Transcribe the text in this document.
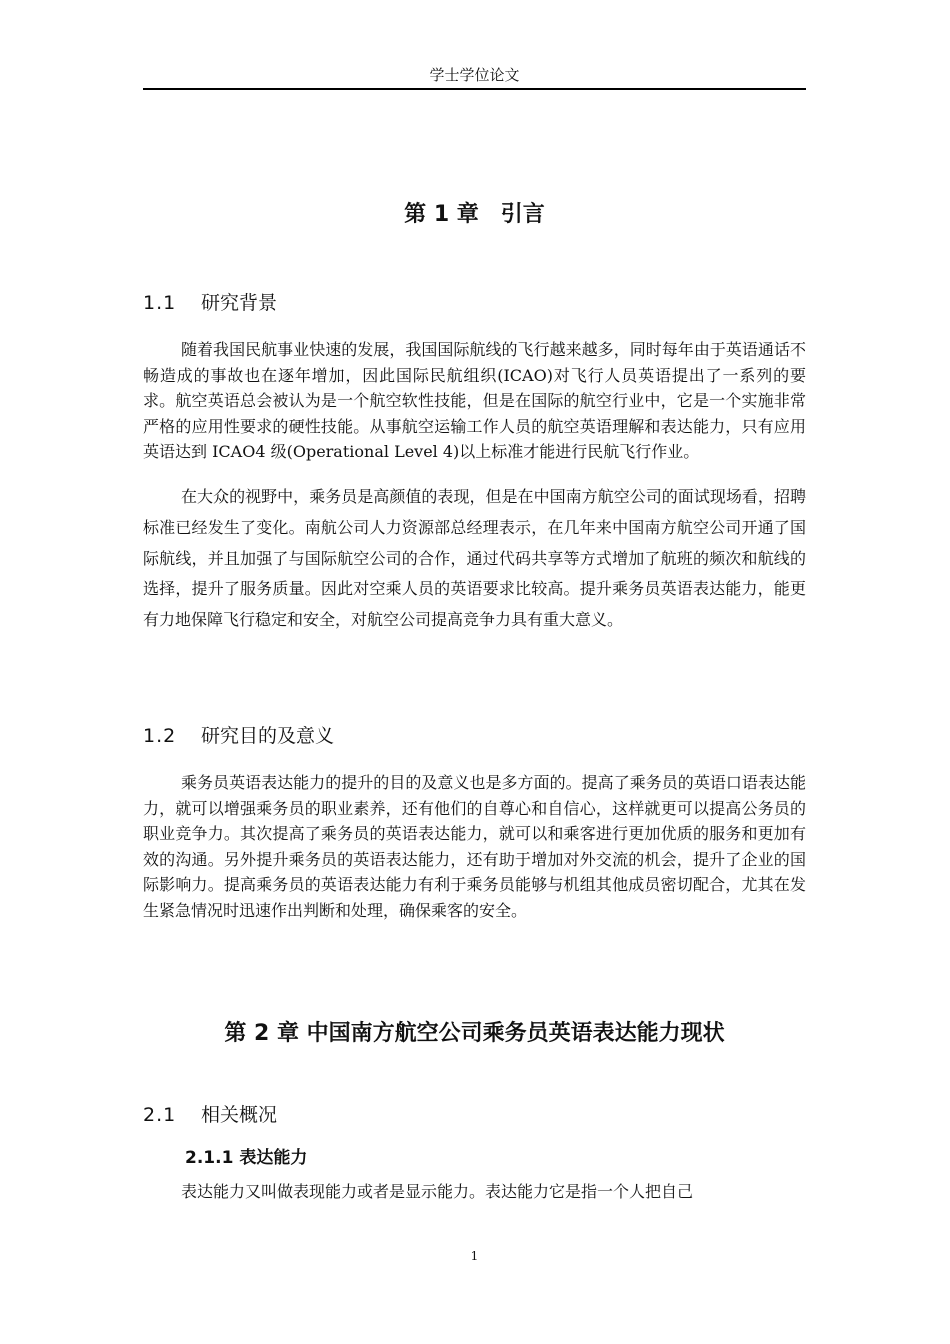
学士学位论文
第 1 章　引言
1.1 研究背景
随着我国民航事业快速的发展，我国国际航线的飞行越来越多，同时每年由于英语通话不畅造成的事故也在逐年增加，因此国际民航组织(ICAO)对飞行人员英语提出了一系列的要求。航空英语总会被认为是一个航空软性技能，但是在国际的航空行业中，它是一个实施非常严格的应用性要求的硬性技能。从事航空运输工作人员的航空英语理解和表达能力，只有应用英语达到 ICAO4 级(Operational Level 4)以上标准才能进行民航飞行作业。
在大众的视野中，乘务员是高颜值的表现，但是在中国南方航空公司的面试现场看，招聘标准已经发生了变化。南航公司人力资源部总经理表示，在几年来中国南方航空公司开通了国际航线，并且加强了与国际航空公司的合作，通过代码共享等方式增加了航班的频次和航线的选择，提升了服务质量。因此对空乘人员的英语要求比较高。提升乘务员英语表达能力，能更有力地保障飞行稳定和安全，对航空公司提高竞争力具有重大意义。
1.2 研究目的及意义
乘务员英语表达能力的提升的目的及意义也是多方面的。提高了乘务员的英语口语表达能力，就可以增强乘务员的职业素养，还有他们的自尊心和自信心，这样就更可以提高公务员的职业竞争力。其次提高了乘务员的英语表达能力，就可以和乘客进行更加优质的服务和更加有效的沟通。另外提升乘务员的英语表达能力，还有助于增加对外交流的机会，提升了企业的国际影响力。提高乘务员的英语表达能力有利于乘务员能够与机组其他成员密切配合，尤其在发生紧急情况时迅速作出判断和处理，确保乘客的安全。
第 2 章 中国南方航空公司乘务员英语表达能力现状
2.1 相关概况
2.1.1 表达能力
表达能力又叫做表现能力或者是显示能力。表达能力它是指一个人把自己
1
